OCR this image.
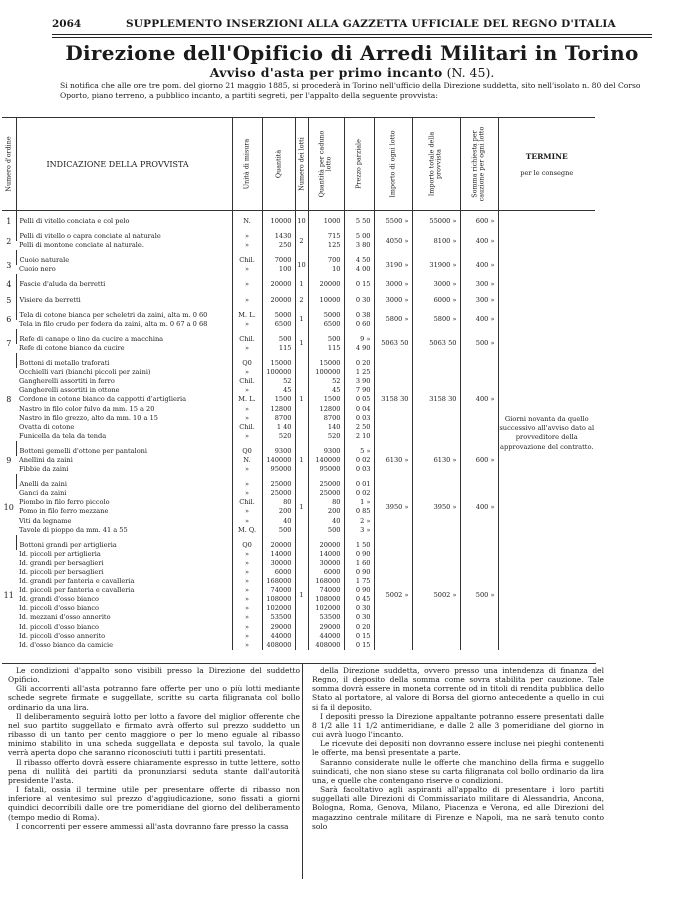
2064	SUPPLEMENTO INSERZIONI ALLA GAZZETTA UFFICIALE DEL REGNO D'ITALIA
Direzione dell'Opificio di Arredi Militari in Torino
Avviso d'asta per primo incanto (N. 45).
Si notifica che alle ore tre pom. del giorno 21 maggio 1885, si procederà in Torino nell'ufficio della Direzione suddetta, sito nell'isolato n. 80 del Corso Oporto, piano terreno, a pubblico incanto, a partiti segreti, per l'appalto della seguente provvista:
Numero d'ordine	INDICAZIONE DELLA PROVVISTA	Unità di misura	Quantità	Numero dei lotti	Quantità per caduno lotto	Prezzo parziale	Importo di ogni lotto	Importo totale della provvista	Somma richiesta per cauzione per ogni lotto	TERMINE

per le consegne
1	Pelli di vitello conciata e col pelo	N.	10000	10	1000	5 50	5500 »	55000 »	600 »	Giorni novanta da quello successivo all'avviso dato al provveditore della approvazione del contratto.
2	Pelli di vitello o capra conciate al naturale	»	1430	2	715	5 00	4050 »	8100 »	400 »	
	Pelli di montone conciate al naturale.	»	250		125	3 80				
3	Cuoio naturale	Chil.	7000	10	700	4 50	3190 »	31900 »	400 »	
	Cuoio nero	»	100		10	4 00				
4	Fascie d'aluda da berretti	»	20000	1	20000	0 15	3000 »	3000 »	300 »	
5	Visiere da berretti	»	20000	2	10000	0 30	3000 »	6000 »	300 »	
6	Tela di cotone bianca per scheletri da zaini, alta m. 0 60	M. L.	5000	1	5000	0 38	5800 »	5800 »	400 »	
	Tela in filo crudo per fodera da zaini, alta m. 0 67 a 0 68	»	6500		6500	0 60				
7	Refe di canape o lino da cucire a macchina	Chil.	500	1	500	9 »	5063 50	5063 50	500 »	
	Refe di cotone bianco da cucire	»	115		115	4 90				
8	Bottoni di metallo traforati	Q0	15000	1	15000	0 20	3158 30	3158 30	400 »	
	Occhielli vari (bianchi piccoli per zaini)	»	100000		100000	1 25				
	Gangherelli assortiti in ferro	Chil.	52		52	3 90				
	Gangherelli assortiti in ottone	»	45		45	7 90				
	Cordone in cotone bianco da cappotti d'artiglieria	M. L.	1500		1500	0 05				
	Nastro in filo color fulvo da mm. 15 a 20	»	12800		12800	0 04				
	Nastro in filo grezzo, alto da mm. 10 a 15	»	8700		8700	0 03				
	Ovatta di cotone	Chil.	1 40		140	2 50				
	Funicella da tela da tenda	»	520		520	2 10				
9	Bottoni gemelli d'ottone per pantaloni	Q0	9300	1	9300	5 »	6130 »	6130 »	600 »	
	Anellini da zaini	N.	140000		140000	0 02				
	Fibbie da zaini	»	95000		95000	0 03				
10	Anelli da zaini	»	25000	1	25000	0 01	3950 »	3950 »	400 »	
	Ganci da zaini	»	25000		25000	0 02				
	Piombo in filo ferro piccolo	Chil.	80		80	1 »				
	Pomo in filo ferro mezzane	»	200		200	0 85				
	Viti da legname	»	40		40	2 »				
	Tavole di pioppo da mm. 41 a 55	M. Q.	500		500	3 »				
11	Bottoni grandi per artiglieria	Q0	20000	1	20000	1 50	5002 »	5002 »	500 »	
	Id. piccoli per artiglieria	»	14000		14000	0 90				
	Id. grandi per bersaglieri	»	30000		30000	1 60				
	Id. piccoli per bersaglieri	»	6000		6000	0 90				
	Id. grandi per fanteria e cavalleria	»	168000		168000	1 75				
	Id. piccoli per fanteria e cavalleria	»	74000		74000	0 90				
	Id. grandi d'osso bianco	»	108000		108000	0 45				
	Id. piccoli d'osso bianco	»	102000		102000	0 30				
	Id. mezzani d'osso annerito	»	53500		53500	0 30				
	Id. piccoli d'osso bianco	»	29000		29000	0 20				
	Id. piccoli d'osso annerito	»	44000		44000	0 15				
	Id. d'osso bianco da camicie	»	408000		408000	0 15				

Le condizioni d'appalto sono visibili presso la Direzione del suddetto Opificio.

Gli accorrenti all'asta potranno fare offerte per uno o più lotti mediante schede segrete firmate e suggellate, scritte su carta filigranata col bollo ordinario da una lira.

Il deliberamento seguirà lotto per lotto a favore del miglior offerente che nel suo partito suggellato e firmato avrà offerto sul prezzo suddetto un ribasso di un tanto per cento maggiore o per lo meno eguale al ribasso minimo stabilito in una scheda suggellata e deposta sul tavolo, la quale verrà aperta dopo che saranno riconosciuti tutti i partiti presentati.

Il ribasso offerto dovrà essere chiaramente espresso in tutte lettere, sotto pena di nullità dei partiti da pronunziarsi seduta stante dall'autorità presidente l'asta.

I fatali, ossia il termine utile per presentare offerte di ribasso non inferiore al ventesimo sul prezzo d'aggiudicazione, sono fissati a giorni quindici decorribili dalle ore tre pomeridiane del giorno del deliberamento (tempo medio di Roma).

I concorrenti per essere ammessi all'asta dovranno fare presso la cassa

della Direzione suddetta, ovvero presso una intendenza di finanza del Regno, il deposito della somma come sovra stabilita per cauzione. Tale somma dovrà essere in moneta corrente od in titoli di rendita pubblica dello Stato al portatore, al valore di Borsa del giorno antecedente a quello in cui si fa il deposito.

I depositi presso la Direzione appaltante potranno essere presentati dalle 8 1/2 alle 11 1/2 antimeridiane, e dalle 2 alle 3 pomeridiane del giorno in cui avrà luogo l'incanto.

Le ricevute dei depositi non dovranno essere incluse nei pieghi contenenti le offerte, ma bensì presentate a parte.

Saranno considerate nulle le offerte che manchino della firma e suggello suindicati, che non siano stese su carta filigranata col bollo ordinario da lira una, e quelle che contengano riserve o condizioni.

Sarà facoltativo agli aspiranti all'appalto di presentare i loro partiti suggellati alle Direzioni di Commissariato militare di Alessandria, Ancona, Bologna, Roma, Genova, Milano, Piacenza e Verona, ed alle Direzioni del magazzino centrale militare di Firenze e Napoli, ma ne sarà tenuto conto solo
